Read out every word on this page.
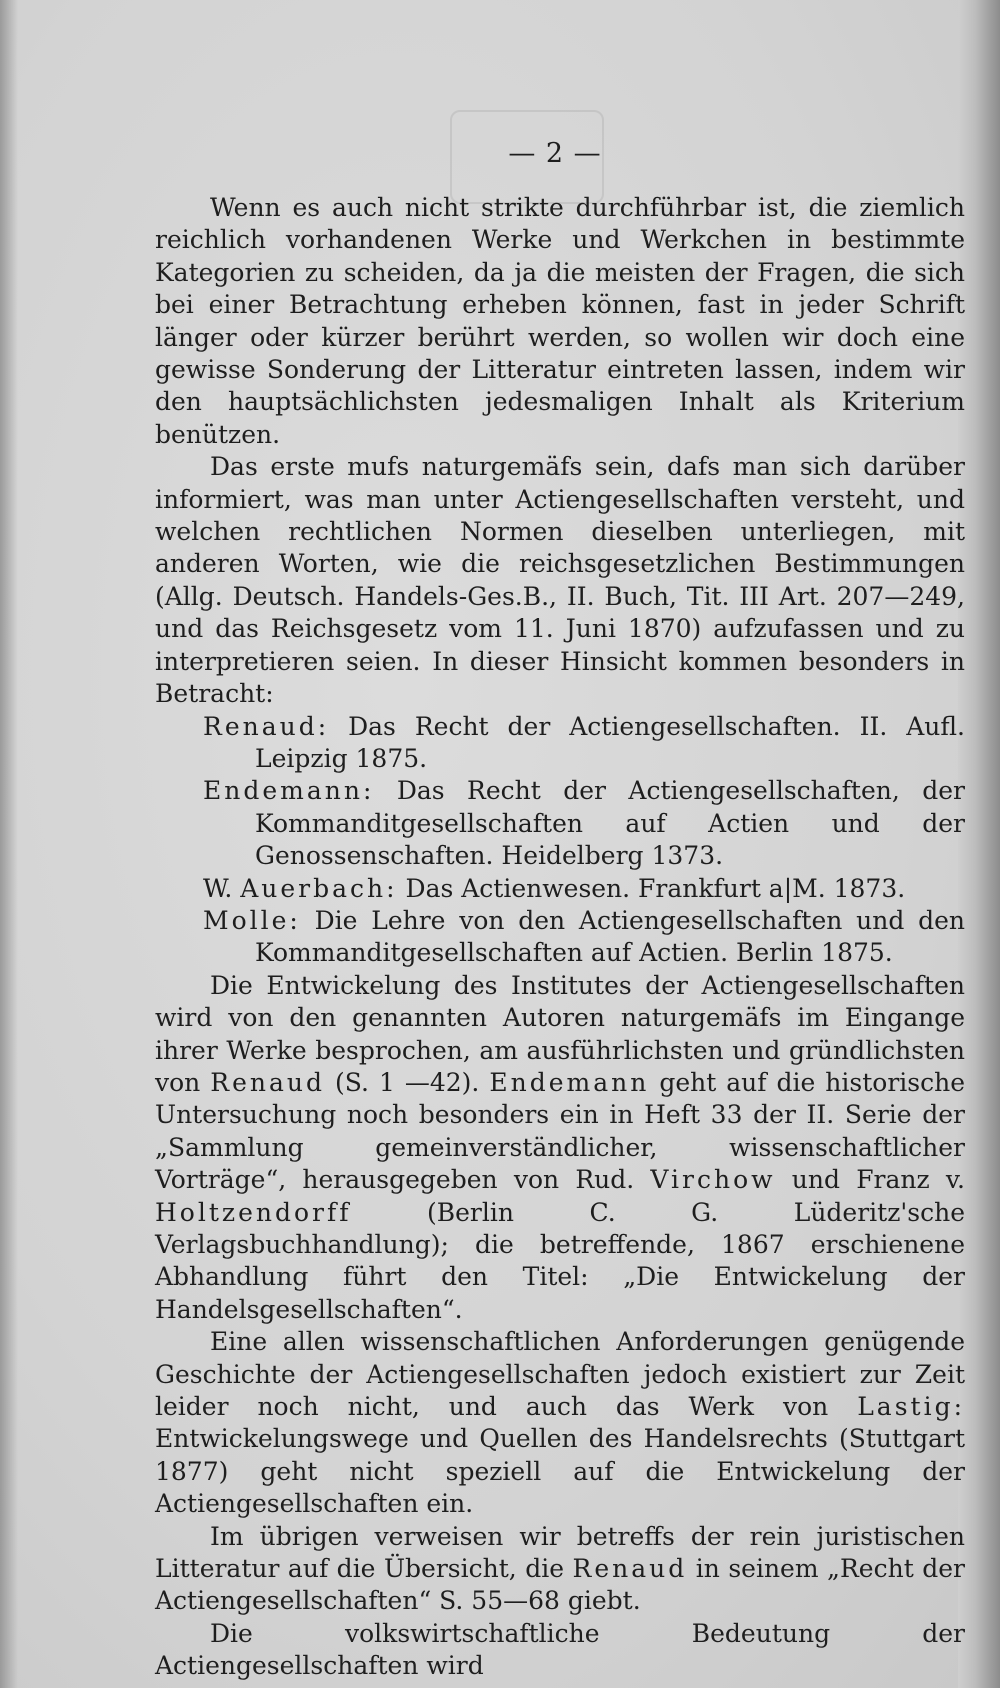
— 2 —

Wenn es auch nicht strikte durchführbar ist, die ziemlich reichlich vorhandenen Werke und Werkchen in bestimmte Kategorien zu scheiden, da ja die meisten der Fragen, die sich bei einer Betrachtung erheben können, fast in jeder Schrift länger oder kürzer berührt werden, so wollen wir doch eine gewisse Sonderung der Litteratur eintreten lassen, indem wir den hauptsächlichsten jedesmaligen Inhalt als Kriterium benützen.

Das erste mufs naturgemäfs sein, dafs man sich darüber informiert, was man unter Actiengesellschaften versteht, und welchen rechtlichen Normen dieselben unterliegen, mit anderen Worten, wie die reichsgesetzlichen Bestimmungen (Allg. Deutsch. Handels-Ges.B., II. Buch, Tit. III Art. 207—249, und das Reichsgesetz vom 11. Juni 1870) aufzufassen und zu interpretieren seien. In dieser Hinsicht kommen besonders in Betracht:

Renaud: Das Recht der Actiengesellschaften. II. Aufl. Leipzig 1875.

Endemann: Das Recht der Actiengesellschaften, der Kommanditgesellschaften auf Actien und der Genossenschaften. Heidelberg 1373.

W. Auerbach: Das Actienwesen. Frankfurt a|M. 1873.

Molle: Die Lehre von den Actiengesellschaften und den Kommanditgesellschaften auf Actien. Berlin 1875.

Die Entwickelung des Institutes der Actiengesellschaften wird von den genannten Autoren naturgemäfs im Eingange ihrer Werke besprochen, am ausführlichsten und gründlichsten von Renaud (S. 1 —42). Endemann geht auf die historische Untersuchung noch besonders ein in Heft 33 der II. Serie der „Sammlung gemeinverständlicher, wissenschaftlicher Vorträge“, herausgegeben von Rud. Virchow und Franz v. Holtzendorff (Berlin C. G. Lüderitz'sche Verlagsbuchhandlung); die betreffende, 1867 erschienene Abhandlung führt den Titel: „Die Entwickelung der Handelsgesellschaften“.

Eine allen wissenschaftlichen Anforderungen genügende Geschichte der Actiengesellschaften jedoch existiert zur Zeit leider noch nicht, und auch das Werk von Lastig: Entwickelungswege und Quellen des Handelsrechts (Stuttgart 1877) geht nicht speziell auf die Entwickelung der Actiengesellschaften ein.

Im übrigen verweisen wir betreffs der rein juristischen Litteratur auf die Übersicht, die Renaud in seinem „Recht der Actiengesellschaften“ S. 55—68 giebt.

Die volkswirtschaftliche Bedeutung der Actiengesellschaften wird
